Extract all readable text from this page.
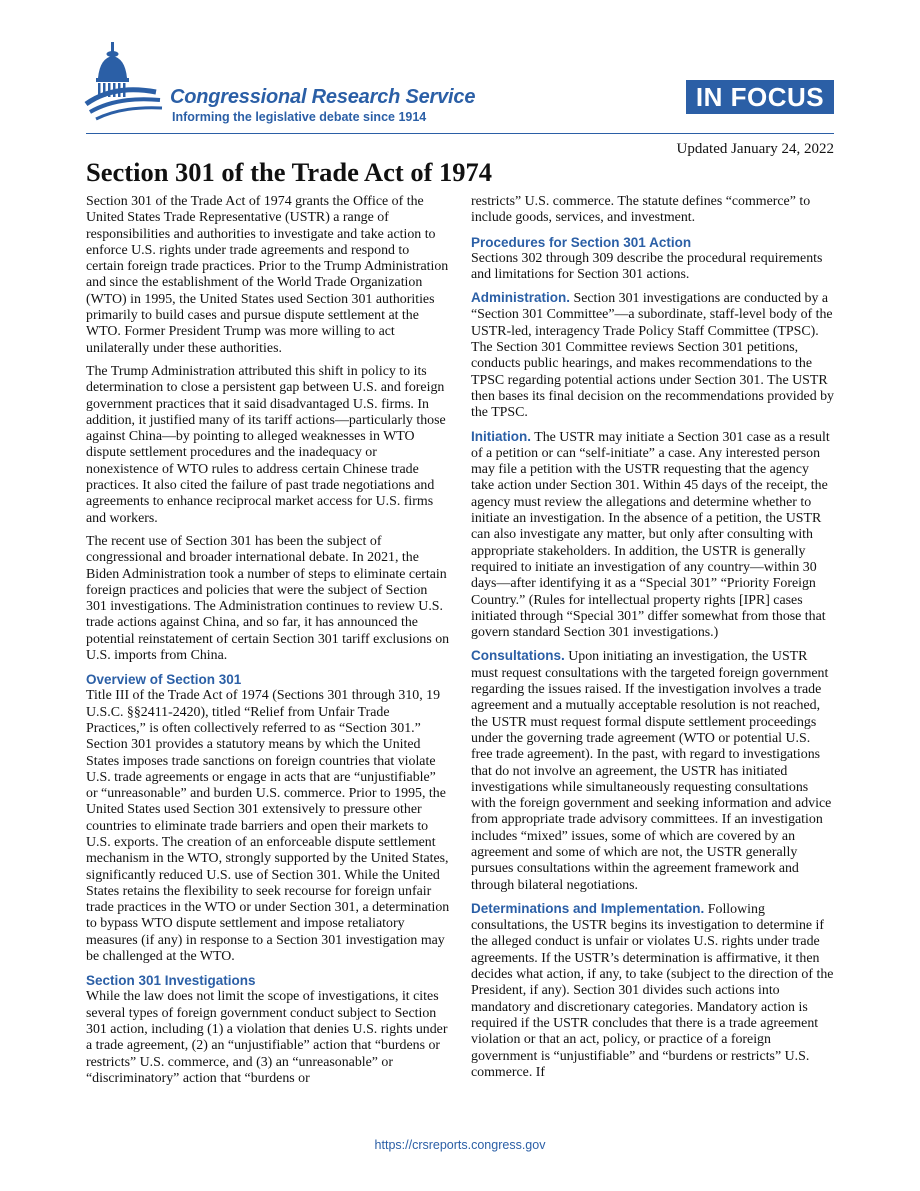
Congressional Research Service
Informing the legislative debate since 1914
IN FOCUS
Updated January 24, 2022
Section 301 of the Trade Act of 1974

Section 301 of the Trade Act of 1974 grants the Office of the United States Trade Representative (USTR) a range of responsibilities and authorities to investigate and take action to enforce U.S. rights under trade agreements and respond to certain foreign trade practices. Prior to the Trump Administration and since the establishment of the World Trade Organization (WTO) in 1995, the United States used Section 301 authorities primarily to build cases and pursue dispute settlement at the WTO. Former President Trump was more willing to act unilaterally under these authorities.

The Trump Administration attributed this shift in policy to its determination to close a persistent gap between U.S. and foreign government practices that it said disadvantaged U.S. firms. In addition, it justified many of its tariff actions—particularly those against China—by pointing to alleged weaknesses in WTO dispute settlement procedures and the inadequacy or nonexistence of WTO rules to address certain Chinese trade practices. It also cited the failure of past trade negotiations and agreements to enhance reciprocal market access for U.S. firms and workers.

The recent use of Section 301 has been the subject of congressional and broader international debate. In 2021, the Biden Administration took a number of steps to eliminate certain foreign practices and policies that were the subject of Section 301 investigations. The Administration continues to review U.S. trade actions against China, and so far, it has announced the potential reinstatement of certain Section 301 tariff exclusions on U.S. imports from China.

Overview of Section 301

Title III of the Trade Act of 1974 (Sections 301 through 310, 19 U.S.C. §§2411-2420), titled “Relief from Unfair Trade Practices,” is often collectively referred to as “Section 301.” Section 301 provides a statutory means by which the United States imposes trade sanctions on foreign countries that violate U.S. trade agreements or engage in acts that are “unjustifiable” or “unreasonable” and burden U.S. commerce. Prior to 1995, the United States used Section 301 extensively to pressure other countries to eliminate trade barriers and open their markets to U.S. exports. The creation of an enforceable dispute settlement mechanism in the WTO, strongly supported by the United States, significantly reduced U.S. use of Section 301. While the United States retains the flexibility to seek recourse for foreign unfair trade practices in the WTO or under Section 301, a determination to bypass WTO dispute settlement and impose retaliatory measures (if any) in response to a Section 301 investigation may be challenged at the WTO.

Section 301 Investigations

While the law does not limit the scope of investigations, it cites several types of foreign government conduct subject to Section 301 action, including (1) a violation that denies U.S. rights under a trade agreement, (2) an “unjustifiable” action that “burdens or restricts” U.S. commerce, and (3) an “unreasonable” or “discriminatory” action that “burdens or

restricts” U.S. commerce. The statute defines “commerce” to include goods, services, and investment.

Procedures for Section 301 Action

Sections 302 through 309 describe the procedural requirements and limitations for Section 301 actions.

Administration. Section 301 investigations are conducted by a “Section 301 Committee”—a subordinate, staff-level body of the USTR-led, interagency Trade Policy Staff Committee (TPSC). The Section 301 Committee reviews Section 301 petitions, conducts public hearings, and makes recommendations to the TPSC regarding potential actions under Section 301. The USTR then bases its final decision on the recommendations provided by the TPSC.

Initiation. The USTR may initiate a Section 301 case as a result of a petition or can “self-initiate” a case. Any interested person may file a petition with the USTR requesting that the agency take action under Section 301. Within 45 days of the receipt, the agency must review the allegations and determine whether to initiate an investigation. In the absence of a petition, the USTR can also investigate any matter, but only after consulting with appropriate stakeholders. In addition, the USTR is generally required to initiate an investigation of any country—within 30 days—after identifying it as a “Special 301” “Priority Foreign Country.” (Rules for intellectual property rights [IPR] cases initiated through “Special 301” differ somewhat from those that govern standard Section 301 investigations.)

Consultations. Upon initiating an investigation, the USTR must request consultations with the targeted foreign government regarding the issues raised. If the investigation involves a trade agreement and a mutually acceptable resolution is not reached, the USTR must request formal dispute settlement proceedings under the governing trade agreement (WTO or potential U.S. free trade agreement). In the past, with regard to investigations that do not involve an agreement, the USTR has initiated investigations while simultaneously requesting consultations with the foreign government and seeking information and advice from appropriate trade advisory committees. If an investigation includes “mixed” issues, some of which are covered by an agreement and some of which are not, the USTR generally pursues consultations within the agreement framework and through bilateral negotiations.

Determinations and Implementation. Following consultations, the USTR begins its investigation to determine if the alleged conduct is unfair or violates U.S. rights under trade agreements. If the USTR’s determination is affirmative, it then decides what action, if any, to take (subject to the direction of the President, if any). Section 301 divides such actions into mandatory and discretionary categories. Mandatory action is required if the USTR concludes that there is a trade agreement violation or that an act, policy, or practice of a foreign government is “unjustifiable” and “burdens or restricts” U.S. commerce. If

https://crsreports.congress.gov
